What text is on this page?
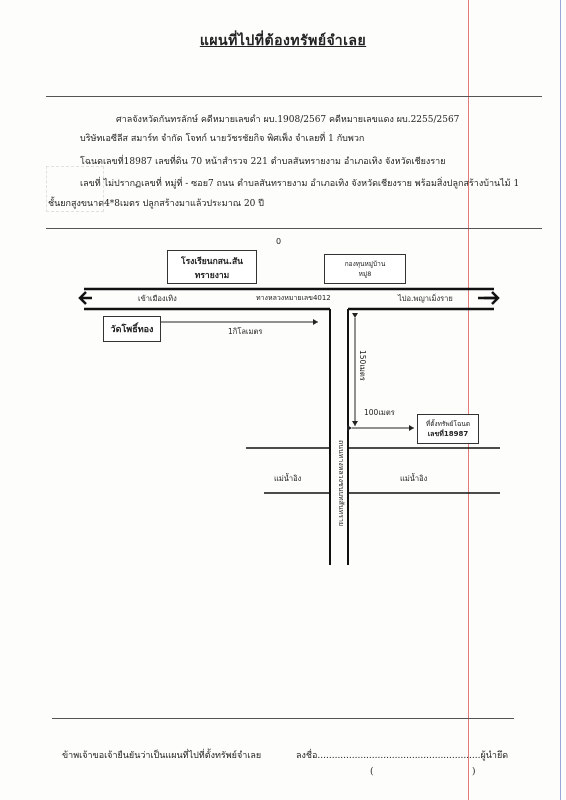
แผนที่ไปที่ต้องทรัพย์จำเลย
ศาลจังหวัดกันทรลักษ์ คดีหมายเลขดำ ผบ.1908/2567 คดีหมายเลขแดง ผบ.2255/2567
บริษัทเอซีลีส สมาร์ท จำกัด โจทก์ นายวัชรชัยกิจ พิศเพ็ง จำเลยที่ 1 กับพวก
โฉนดเลขที่18987 เลขที่ดิน 70 หน้าสำรวจ 221 ตำบลสันทรายงาม อำเภอเทิง จังหวัดเชียงราย
เลขที่ ไม่ปรากฏเลขที่ หมู่ที่ - ซอย7 ถนน ตำบลสันทรายงาม อำเภอเทิง จังหวัดเชียงราย พร้อมสิ่งปลูกสร้างบ้านไม้ 1
ชั้นยกสูงขนาด4*8เมตร ปลูกสร้างมาแล้วประมาณ 20 ปี
0
โรงเรียนกสน.สัน
ทรายงาม
กองทุนหมู่บ้าน
หมู่8
เข้าเมืองเทิง	ทางหลวงหมายเลข4012	ไปอ.พญาเม็งราย
วัดโพธิ์ทอง	1กิโลเมตร
150เมตร
100เมตร
ที่ตั้งทรัพย์โฉนด
เลขที่18987
ถนนทางหลวงชนบทสันทราย
แม่น้ำอิง	แม่น้ำอิง
ข้าพเจ้าขอเจ้ายืนยันว่าเป็นแผนที่ไปที่ตั้งทรัพย์จำเลย	ลงชื่อ.........................................................ผู้นำยึด
(	)
